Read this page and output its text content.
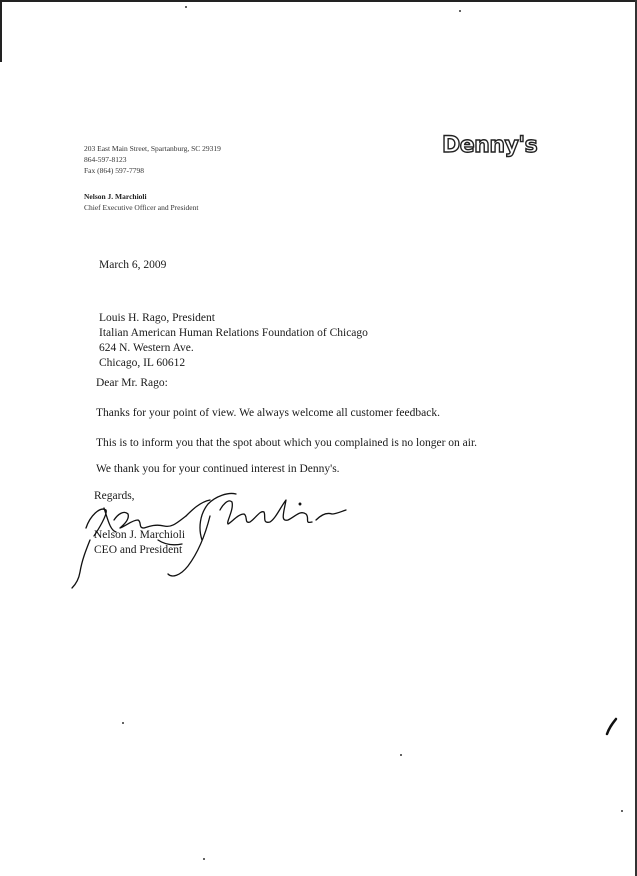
203 East Main Street, Spartanburg, SC 29319
864-597-8123
Fax (864) 597-7798
Nelson J. Marchioli
Chief Executive Officer and President
Denny's
March 6, 2009
Louis H. Rago, President
Italian American Human Relations Foundation of Chicago
624 N. Western Ave.
Chicago, IL 60612
Dear Mr. Rago:
Thanks for your point of view. We always welcome all customer feedback.
This is to inform you that the spot about which you complained is no longer on air.
We thank you for your continued interest in Denny's.
Regards,
Nelson J. Marchioli
CEO and President
